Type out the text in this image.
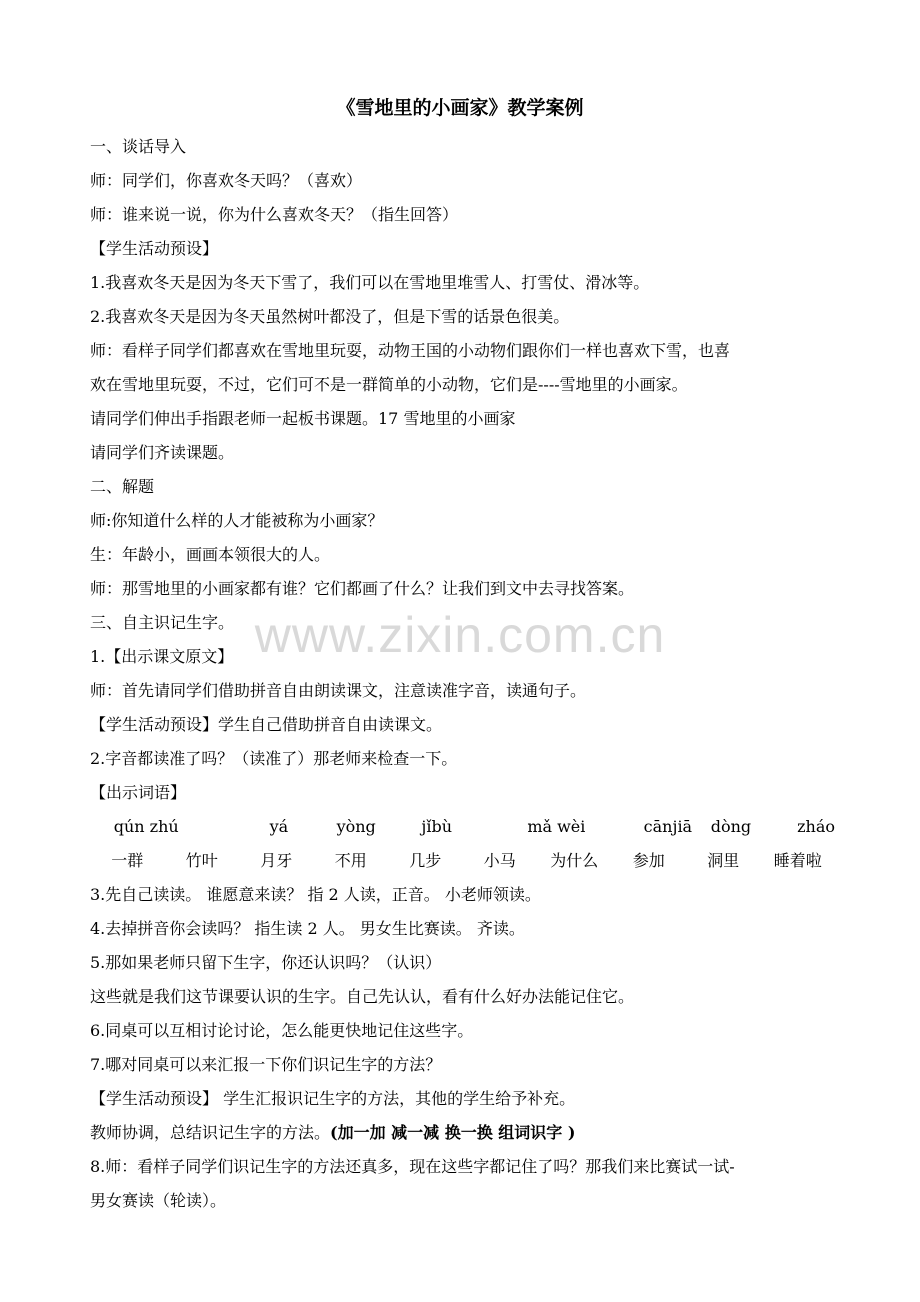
《雪地里的小画家》教学案例
www.zixin.com.cn
一、谈话导入
师：同学们，你喜欢冬天吗？（喜欢）
师：谁来说一说，你为什么喜欢冬天？（指生回答）
【学生活动预设】
1.我喜欢冬天是因为冬天下雪了，我们可以在雪地里堆雪人、打雪仗、滑冰等。
2.我喜欢冬天是因为冬天虽然树叶都没了，但是下雪的话景色很美。
师：看样子同学们都喜欢在雪地里玩耍，动物王国的小动物们跟你们一样也喜欢下雪，也喜
欢在雪地里玩耍，不过，它们可不是一群简单的小动物，它们是----雪地里的小画家。
请同学们伸出手指跟老师一起板书课题。17 雪地里的小画家
请同学们齐读课题。
二、解题
师:你知道什么样的人才能被称为小画家？
生：年龄小，画画本领很大的人。
师：那雪地里的小画家都有谁？它们都画了什么？让我们到文中去寻找答案。
三、自主识记生字。
1.【出示课文原文】
师：首先请同学们借助拼音自由朗读课文，注意读准字音，读通句子。
【学生活动预设】学生自己借助拼音自由读课文。
2.字音都读准了吗？（读准了）那老师来检查一下。
【出示词语】
qún zhú	yá	yòng	jǐbù	mǎ wèi	cānjiā	dòng	zháo
一群	竹叶	月牙	不用	几步	小马	为什么	参加	洞里	睡着啦
3.先自己读读。 谁愿意来读？ 指 2 人读，正音。 小老师领读。
4.去掉拼音你会读吗？ 指生读 2 人。 男女生比赛读。 齐读。
5.那如果老师只留下生字，你还认识吗？（认识）
这些就是我们这节课要认识的生字。自己先认认，看有什么好办法能记住它。
6.同桌可以互相讨论讨论，怎么能更快地记住这些字。
7.哪对同桌可以来汇报一下你们识记生字的方法？
【学生活动预设】 学生汇报识记生字的方法，其他的学生给予补充。
教师协调，总结识记生字的方法。(加一加 减一减 换一换 组词识字 )
8.师：看样子同学们识记生字的方法还真多，现在这些字都记住了吗？那我们来比赛试一试-
男女赛读（轮读）。
